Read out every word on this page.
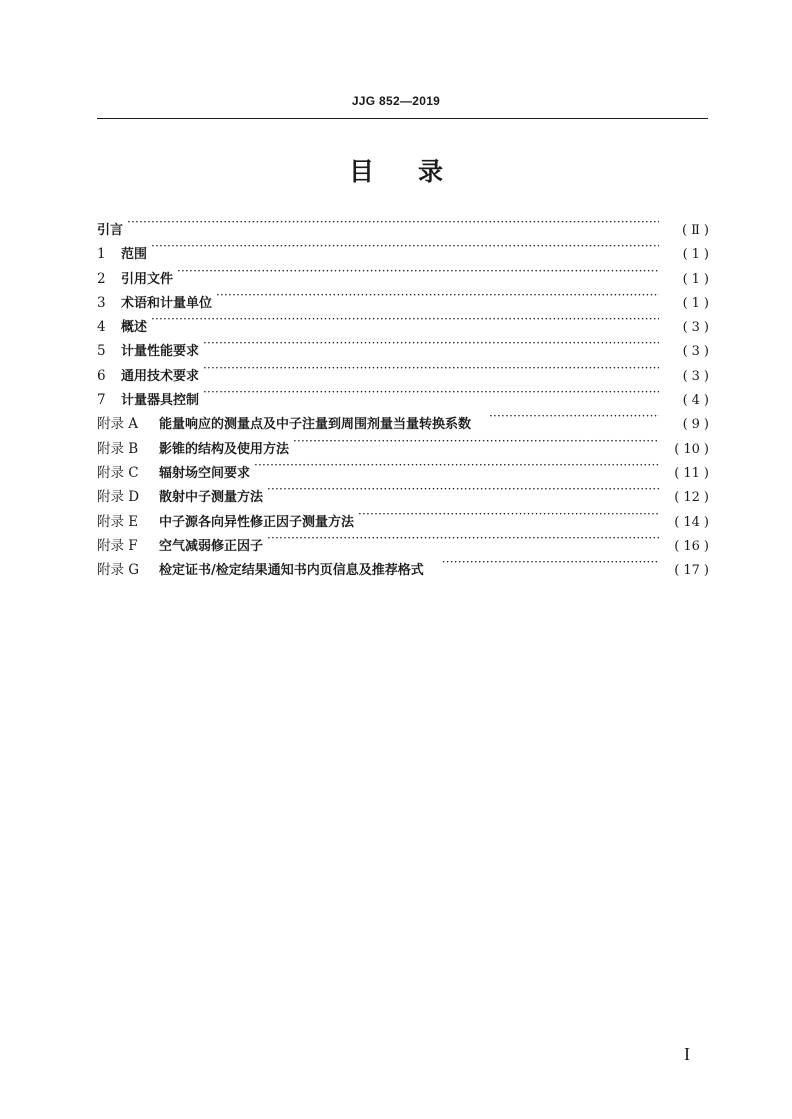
JJG 852—2019
目 录
引言 ·····	( Ⅱ )
1	范围 ·····	( 1 )
2	引用文件 ·····	( 1 )
3	术语和计量单位 ·····	( 1 )
4	概述 ·····	( 3 )
5	计量性能要求 ·····	( 3 )
6	通用技术要求 ·····	( 3 )
7	计量器具控制 ·····	( 4 )
附录 A	能量响应的测量点及中子注量到周围剂量当量转换系数 ·····	( 9 )
附录 B	影锥的结构及使用方法 ·····	( 10 )
附录 C	辐射场空间要求 ·····	( 11 )
附录 D	散射中子测量方法 ·····	( 12 )
附录 E	中子源各向异性修正因子测量方法 ·····	( 14 )
附录 F	空气减弱修正因子 ·····	( 16 )
附录 G	检定证书/检定结果通知书内页信息及推荐格式 ·····	( 17 )
I
